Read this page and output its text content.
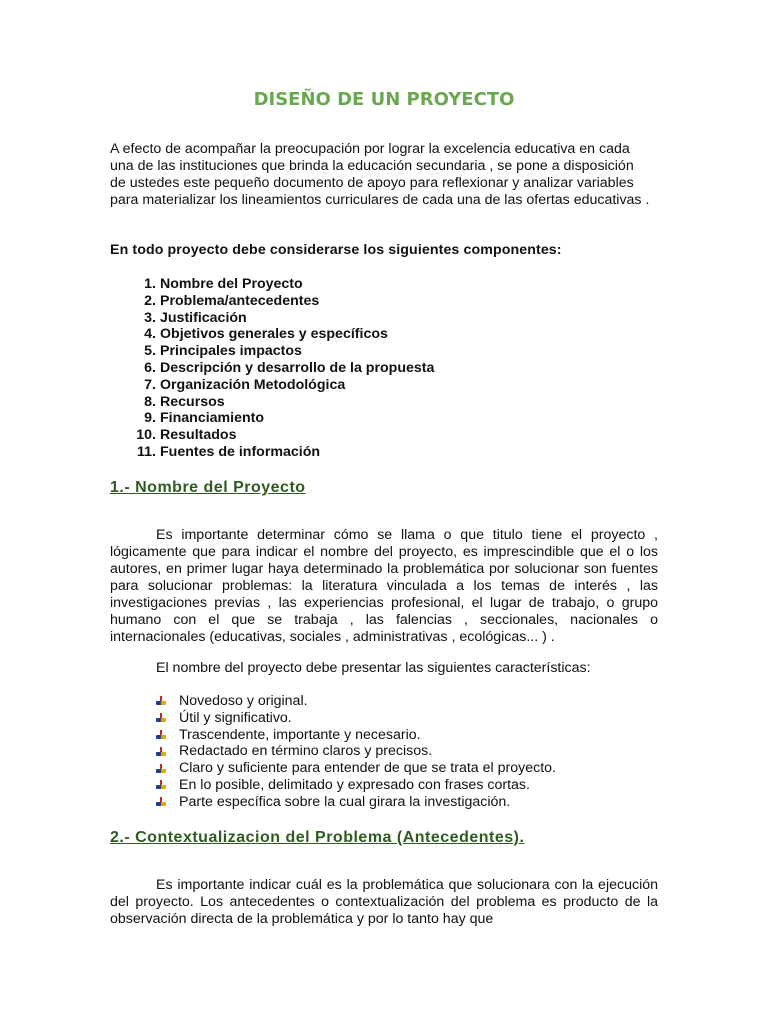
DISEÑO DE UN PROYECTO

A efecto de acompañar la preocupación por lograr la excelencia educativa en cada una de las instituciones que brinda la educación secundaria , se pone a disposición de ustedes este pequeño documento de apoyo para reflexionar y analizar variables para materializar los lineamientos curriculares de cada una de las ofertas educativas .

En todo proyecto debe considerarse los siguientes componentes:
1. Nombre del Proyecto
2. Problema/antecedentes
3. Justificación
4. Objetivos generales y específicos
5. Principales impactos
6. Descripción y desarrollo de la propuesta
7. Organización Metodológica
8. Recursos
9. Financiamiento
10. Resultados
11. Fuentes de información
1.- Nombre del Proyecto

Es importante determinar cómo se llama o que titulo tiene el proyecto , lógicamente que para indicar el nombre del proyecto, es imprescindible que el o los autores, en primer lugar haya determinado la problemática por solucionar son fuentes para solucionar problemas: la literatura vinculada a los temas de interés , las investigaciones previas , las experiencias profesional, el lugar de trabajo, o grupo humano con el que se trabaja , las falencias , seccionales, nacionales o internacionales (educativas, sociales , administrativas , ecológicas... ) .

El nombre del proyecto debe presentar las siguientes características:
Novedoso y original.
Útil y significativo.
Trascendente, importante y necesario.
Redactado en término claros y precisos.
Claro y suficiente para entender de que se trata el proyecto.
En lo posible, delimitado y expresado con frases cortas.
Parte específica sobre la cual girara la investigación.
2.- Contextualizacion del Problema (Antecedentes).

Es importante indicar cuál es la problemática que solucionara con la ejecución del proyecto. Los antecedentes o contextualización del problema es producto de la observación directa de la problemática y por lo tanto hay que
